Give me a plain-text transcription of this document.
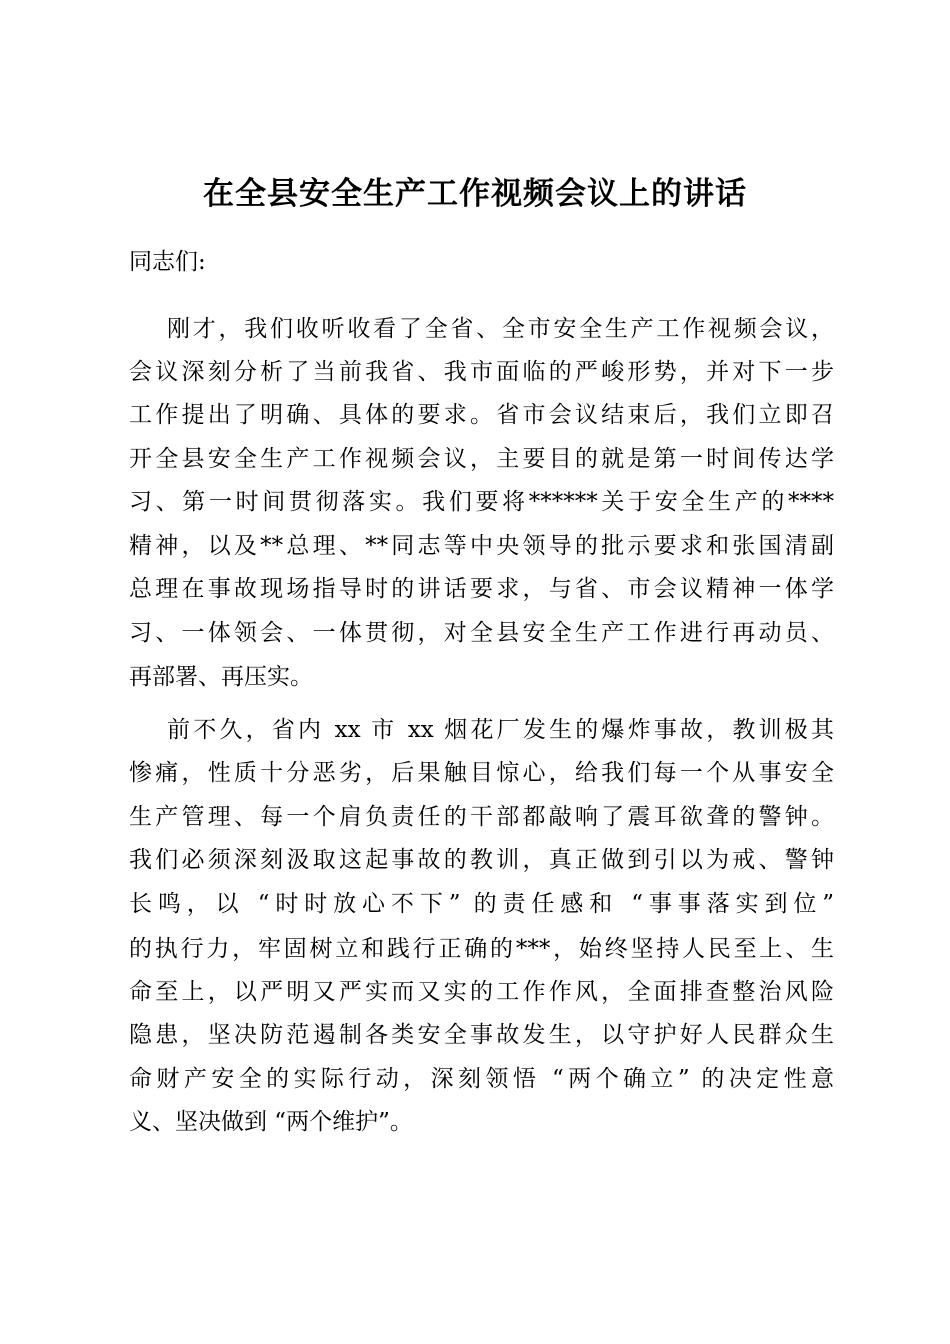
在全县安全生产工作视频会议上的讲话
同志们:
刚才，我们收听收看了全省、全市安全生产工作视频会议，
会议深刻分析了当前我省、我市面临的严峻形势，并对下一步
工作提出了明确、具体的要求。省市会议结束后，我们立即召
开全县安全生产工作视频会议，主要目的就是第一时间传达学
习、第一时间贯彻落实。我们要将******关于安全生产的****
精神，以及**总理、**同志等中央领导的批示要求和张国清副
总理在事故现场指导时的讲话要求，与省、市会议精神一体学
习、一体领会、一体贯彻，对全县安全生产工作进行再动员、
再部署、再压实。
前不久，省内 xx 市 xx 烟花厂发生的爆炸事故，教训极其
惨痛，性质十分恶劣，后果触目惊心，给我们每一个从事安全
生产管理、每一个肩负责任的干部都敲响了震耳欲聋的警钟。
我们必须深刻汲取这起事故的教训，真正做到引以为戒、警钟
长鸣，以 “时时放心不下” 的责任感和 “事事落实到位”
的执行力，牢固树立和践行正确的***，始终坚持人民至上、生
命至上，以严明又严实而又实的工作作风，全面排查整治风险
隐患，坚决防范遏制各类安全事故发生，以守护好人民群众生
命财产安全的实际行动，深刻领悟 “两个确立” 的决定性意
义、坚决做到 “两个维护”。
